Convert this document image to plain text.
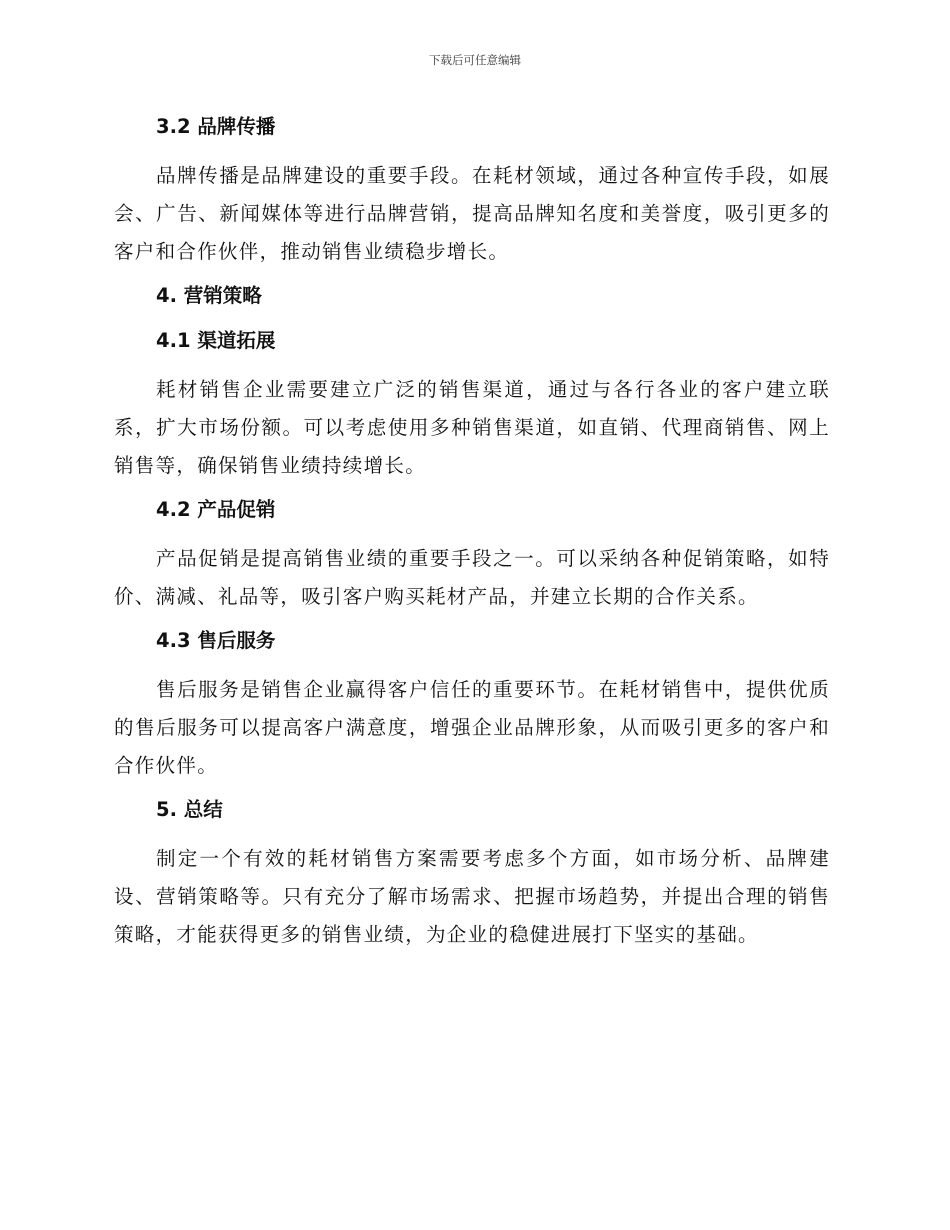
下载后可任意编辑
3.2 品牌传播

品牌传播是品牌建设的重要手段。在耗材领域，通过各种宣传手段，如展会、广告、新闻媒体等进行品牌营销，提高品牌知名度和美誉度，吸引更多的客户和合作伙伴，推动销售业绩稳步增长。

4. 营销策略
4.1 渠道拓展

耗材销售企业需要建立广泛的销售渠道，通过与各行各业的客户建立联系，扩大市场份额。可以考虑使用多种销售渠道，如直销、代理商销售、网上销售等，确保销售业绩持续增长。

4.2 产品促销

产品促销是提高销售业绩的重要手段之一。可以采纳各种促销策略，如特价、满减、礼品等，吸引客户购买耗材产品，并建立长期的合作关系。

4.3 售后服务

售后服务是销售企业赢得客户信任的重要环节。在耗材销售中，提供优质的售后服务可以提高客户满意度，增强企业品牌形象，从而吸引更多的客户和合作伙伴。

5. 总结

制定一个有效的耗材销售方案需要考虑多个方面，如市场分析、品牌建设、营销策略等。只有充分了解市场需求、把握市场趋势，并提出合理的销售策略，才能获得更多的销售业绩，为企业的稳健进展打下坚实的基础。
